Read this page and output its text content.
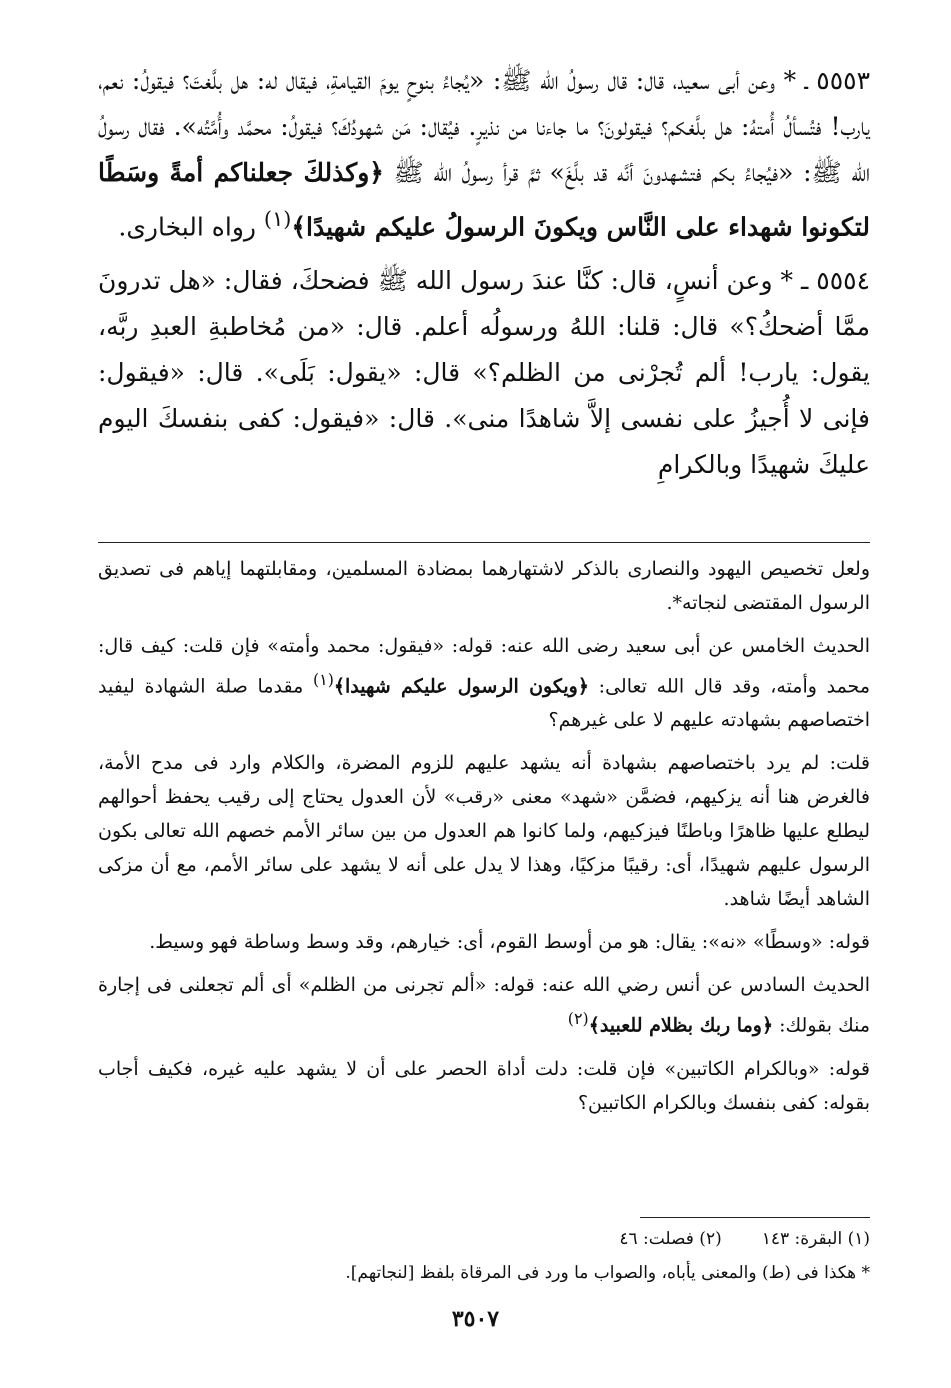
٥٥٥٣ ـ * وعن أبى سعيد، قال: قال رسولُ الله ﷺ: «يُجاءُ بنوحٍ يومَ القيامةِ، فيقال له: هل بلَّغتَ؟ فيقولُ: نعم، يارب! فتُسألُ أُمتهُ: هل بلَّغكم؟ فيقولونَ؟ ما جاءنا من نذيرٍ. فيُقال: مَن شهودُكَ؟ فيقولُ: محمَّد وأُمَّتُه». فقال رسولُ الله ﷺ: «فيُجاءُ بكم فتشهدونَ أنَّه قد بلَّغَ» ثمَّ قرأ رسولُ الله ﷺ ﴿وكذلكَ جعلناكم أمةً وسَطًا لتكونوا شهداء على النَّاس ويكونَ الرسولُ عليكم شهيدًا﴾$^{(١)}$ رواه البخارى.

٥٥٥٤ ـ * وعن أنسٍ، قال: كنَّا عندَ رسول الله ﷺ فضحكَ، فقال: «هل تدرونَ ممَّا أضحكُ؟» قال: قلنا: اللهُ ورسولُه أعلم. قال: «من مُخاطبةِ العبدِ ربَّه، يقول: يارب! ألم تُجرْنى من الظلم؟» قال: «يقول: بَلَى». قال: «فيقول: فإنى لا أُجيزُ على نفسى إلاَّ شاهدًا منى». قال: «فيقول: كفى بنفسكَ اليوم عليكَ شهيدًا وبالكرامِ

ولعل تخصيص اليهود والنصارى بالذكر لاشتهارهما بمضادة المسلمين، ومقابلتهما إياهم فى تصديق الرسول المقتضى لنجاته*.

الحديث الخامس عن أبى سعيد رضى الله عنه: قوله: «فيقول: محمد وأمته» فإن قلت: كيف قال: محمد وأمته، وقد قال الله تعالى: ﴿ويكون الرسول عليكم شهيدا﴾$^{(١)}$ مقدما صلة الشهادة ليفيد اختصاصهم بشهادته عليهم لا على غيرهم؟

قلت: لم يرد باختصاصهم بشهادة أنه يشهد عليهم للزوم المضرة، والكلام وارد فى مدح الأمة، فالغرض هنا أنه يزكيهم، فضمَّن «شهد» معنى «رقب» لأن العدول يحتاج إلى رقيب يحفظ أحوالهم ليطلع عليها ظاهرًا وباطنًا فيزكيهم، ولما كانوا هم العدول من بين سائر الأمم خصهم الله تعالى بكون الرسول عليهم شهيدًا، أى: رقيبًا مزكيًا، وهذا لا يدل على أنه لا يشهد على سائر الأمم، مع أن مزكى الشاهد أيضًا شاهد.

قوله: «وسطًا» «نه»: يقال: هو من أوسط القوم، أى: خيارهم، وقد وسط وساطة فهو وسيط.

الحديث السادس عن أنس رضي الله عنه: قوله: «ألم تجرنى من الظلم» أى ألم تجعلنى فى إجارة منك بقولك: ﴿وما ربك بظلام للعبيد﴾$^{(٢)}$

قوله: «وبالكرام الكاتبين» فإن قلت: دلت أداة الحصر على أن لا يشهد عليه غيره، فكيف أجاب بقوله: كفى بنفسك وبالكرام الكاتبين؟

(١) البقرة: ١٤٣(٢) فصلت: ٤٦

* هكذا فى (ط) والمعنى يأباه، والصواب ما ورد فى المرقاة بلفظ [لنجاتهم].

٣٥٠٧
